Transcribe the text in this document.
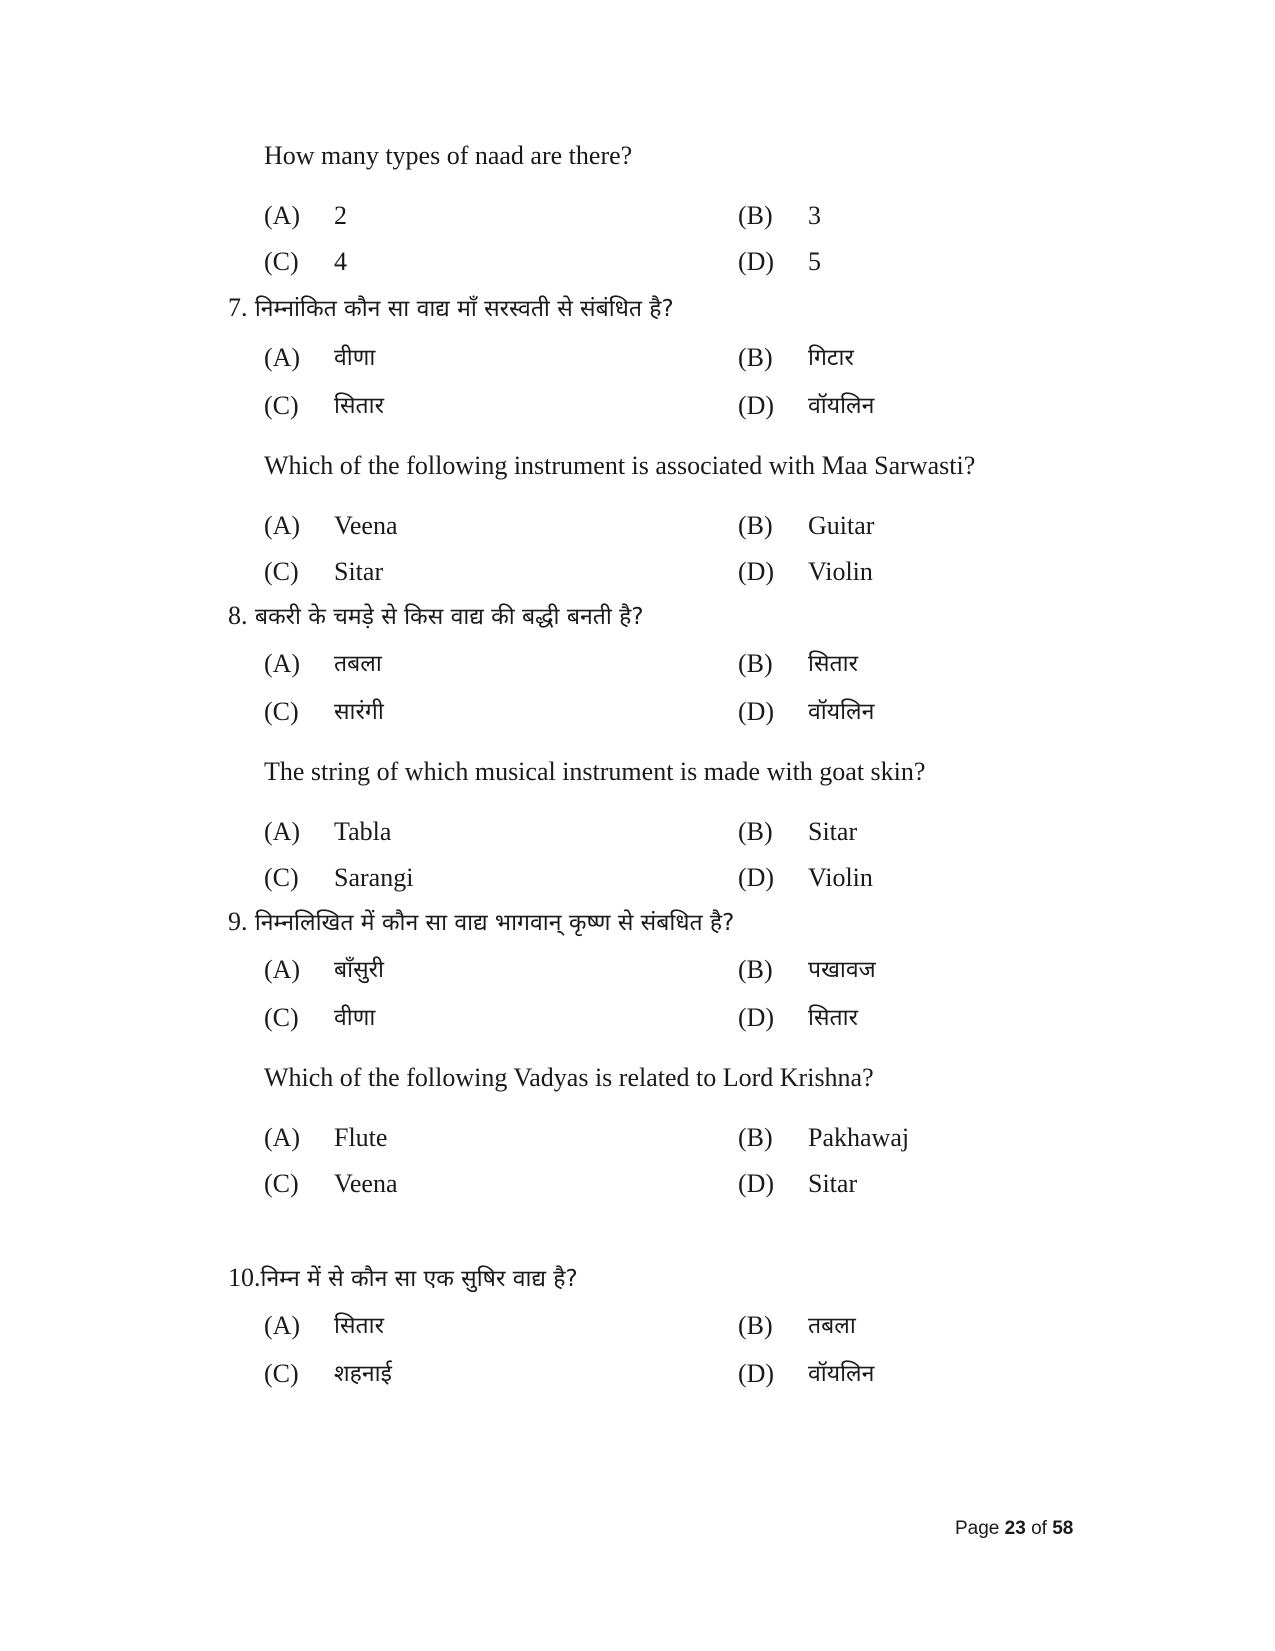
How many types of naad are there?
(A) 2	(B) 3
(C) 4	(D) 5
7. निम्नांकित कौन सा वाद्य माँ सरस्वती से संबंधित है?
(A) वीणा	(B) गिटार
(C) सितार	(D) वॉयलिन
Which of the following instrument is associated with Maa Sarwasti?
(A) Veena	(B) Guitar
(C) Sitar	(D) Violin
8. बकरी के चमड़े से किस वाद्य की बद्धी बनती है?
(A) तबला	(B) सितार
(C) सारंगी	(D) वॉयलिन
The string of which musical instrument is made with goat skin?
(A) Tabla	(B) Sitar
(C) Sarangi	(D) Violin
9. निम्नलिखित में कौन सा वाद्य भागवान् कृष्ण से संबधित है?
(A) बाँसुरी	(B) पखावज
(C) वीणा	(D) सितार
Which of the following Vadyas is related to Lord Krishna?
(A) Flute	(B) Pakhawaj
(C) Veena	(D) Sitar
10.निम्न में से कौन सा एक सुषिर वाद्य है?
(A) सितार	(B) तबला
(C) शहनाई	(D) वॉयलिन
Page 23 of 58
